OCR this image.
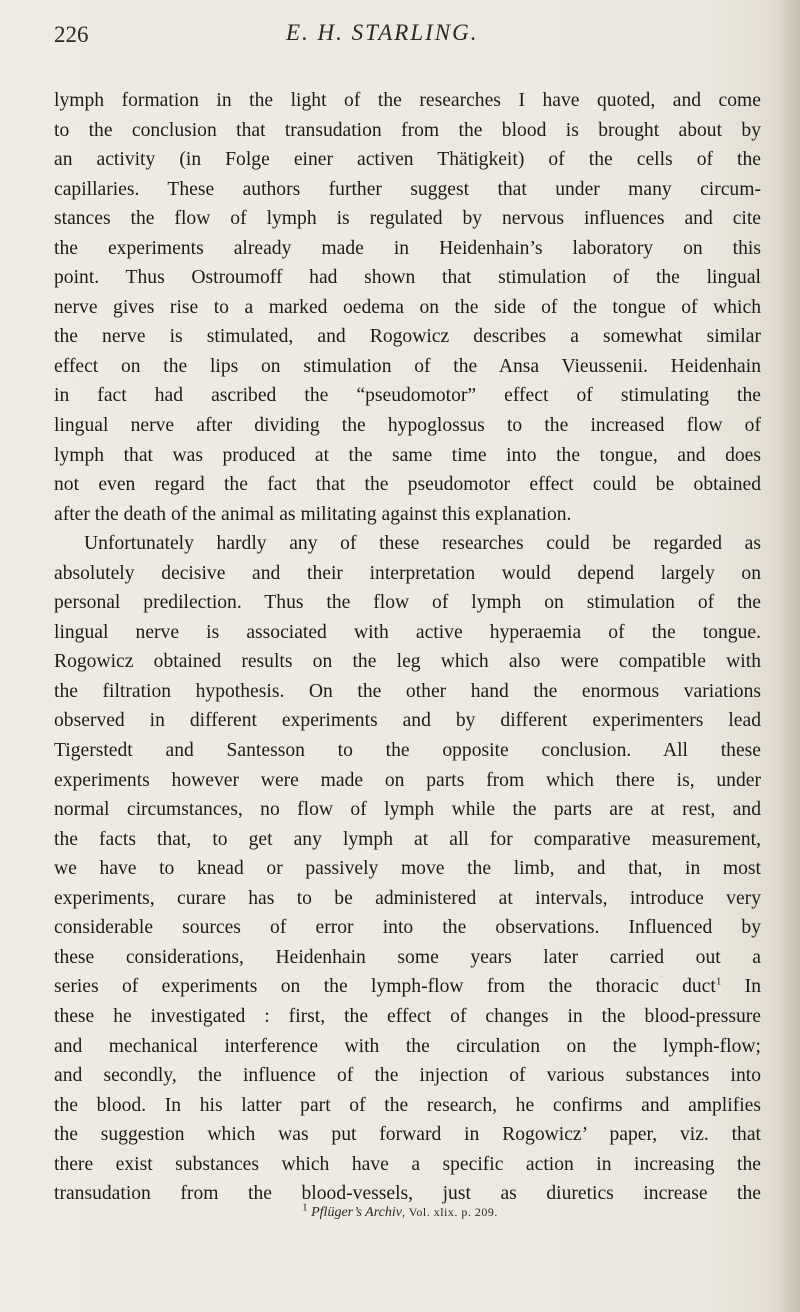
226	E. H. STARLING.

lymph formation in the light of the researches I have quoted, and come
to the conclusion that transudation from the blood is brought about by
an activity (in Folge einer activen Thätigkeit) of the cells of the
capillaries. These authors further suggest that under many circum-
stances the flow of lymph is regulated by nervous influences and cite
the experiments already made in Heidenhain’s laboratory on this
point. Thus Ostroumoff had shown that stimulation of the lingual
nerve gives rise to a marked oedema on the side of the tongue of which
the nerve is stimulated, and Rogowicz describes a somewhat similar
effect on the lips on stimulation of the Ansa Vieussenii. Heidenhain
in fact had ascribed the “pseudomotor” effect of stimulating the
lingual nerve after dividing the hypoglossus to the increased flow of
lymph that was produced at the same time into the tongue, and does
not even regard the fact that the pseudomotor effect could be obtained
after the death of the animal as militating against this explanation.
Unfortunately hardly any of these researches could be regarded as
absolutely decisive and their interpretation would depend largely on
personal predilection. Thus the flow of lymph on stimulation of the
lingual nerve is associated with active hyperaemia of the tongue.
Rogowicz obtained results on the leg which also were compatible with
the filtration hypothesis. On the other hand the enormous variations
observed in different experiments and by different experimenters lead
Tigerstedt and Santesson to the opposite conclusion. All these
experiments however were made on parts from which there is, under
normal circumstances, no flow of lymph while the parts are at rest, and
the facts that, to get any lymph at all for comparative measurement,
we have to knead or passively move the limb, and that, in most
experiments, curare has to be administered at intervals, introduce very
considerable sources of error into the observations. Influenced by
these considerations, Heidenhain some years later carried out a
series of experiments on the lymph-flow from the thoracic duct$^1$ In
these he investigated : first, the effect of changes in the blood-pressure
and mechanical interference with the circulation on the lymph-flow;
and secondly, the influence of the injection of various substances into
the blood. In his latter part of the research, he confirms and amplifies
the suggestion which was put forward in Rogowicz’ paper, viz. that
there exist substances which have a specific action in increasing the
transudation from the blood-vessels, just as diuretics increase the

$^1$ Pflüger’s Archiv, Vol. xlix. p. 209.
